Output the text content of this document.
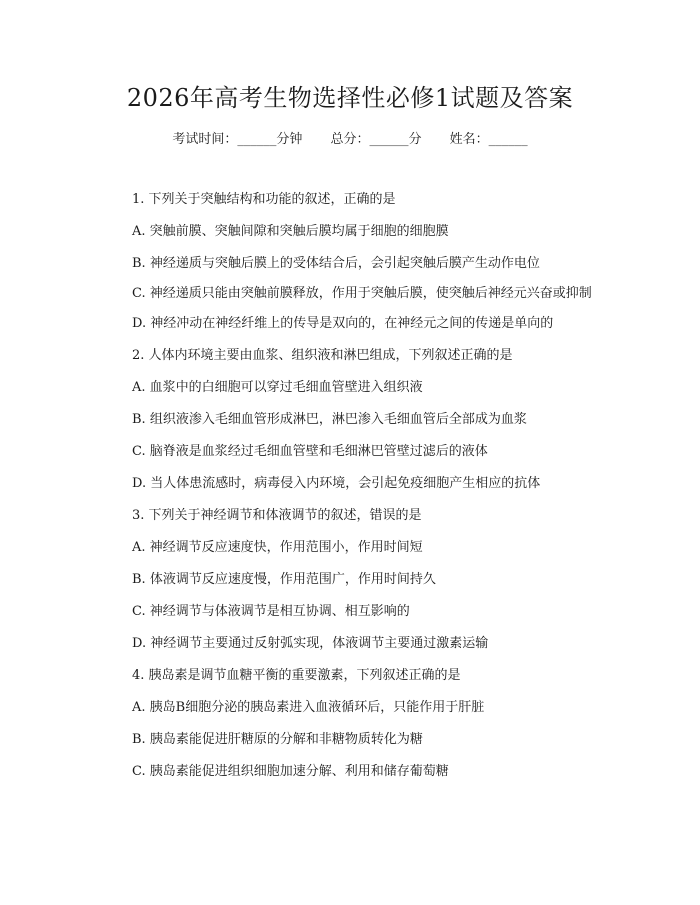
2026年高考生物选择性必修1试题及答案
考试时间：______分钟 总分：______分 姓名：______
1. 下列关于突触结构和功能的叙述，正确的是
A. 突触前膜、突触间隙和突触后膜均属于细胞的细胞膜
B. 神经递质与突触后膜上的受体结合后，会引起突触后膜产生动作电位
C. 神经递质只能由突触前膜释放，作用于突触后膜，使突触后神经元兴奋或抑制
D. 神经冲动在神经纤维上的传导是双向的，在神经元之间的传递是单向的
2. 人体内环境主要由血浆、组织液和淋巴组成，下列叙述正确的是
A. 血浆中的白细胞可以穿过毛细血管壁进入组织液
B. 组织液渗入毛细血管形成淋巴，淋巴渗入毛细血管后全部成为血浆
C. 脑脊液是血浆经过毛细血管壁和毛细淋巴管壁过滤后的液体
D. 当人体患流感时，病毒侵入内环境，会引起免疫细胞产生相应的抗体
3. 下列关于神经调节和体液调节的叙述，错误的是
A. 神经调节反应速度快，作用范围小，作用时间短
B. 体液调节反应速度慢，作用范围广，作用时间持久
C. 神经调节与体液调节是相互协调、相互影响的
D. 神经调节主要通过反射弧实现，体液调节主要通过激素运输
4. 胰岛素是调节血糖平衡的重要激素，下列叙述正确的是
A. 胰岛B细胞分泌的胰岛素进入血液循环后，只能作用于肝脏
B. 胰岛素能促进肝糖原的分解和非糖物质转化为糖
C. 胰岛素能促进组织细胞加速分解、利用和储存葡萄糖
